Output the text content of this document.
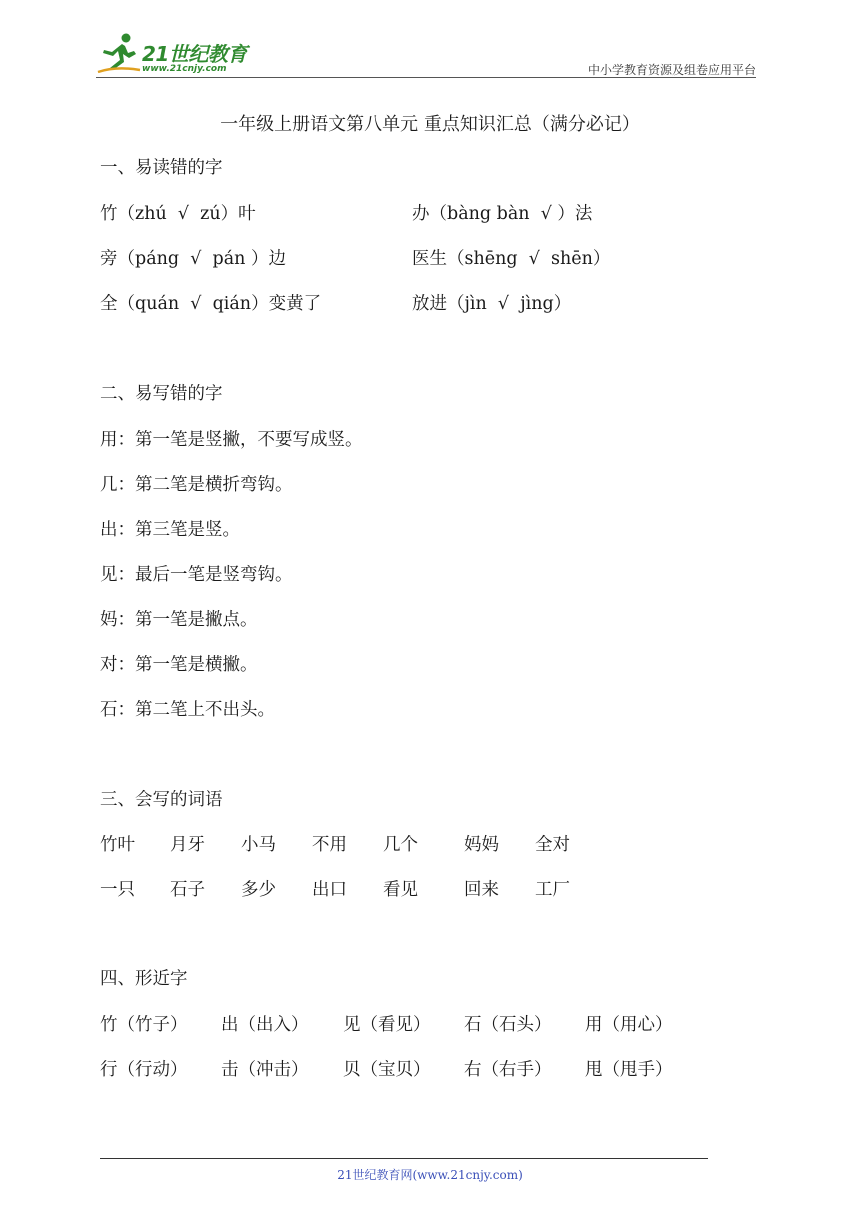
21世纪教育
www.21cnjy.com	中小学教育资源及组卷应用平台
一年级上册语文第八单元 重点知识汇总（满分必记）
一、易读错的字
竹（zhú  √  zú）叶	办（bàng bàn  √ ）法
旁（páng  √  pán ）边	医生（shēng  √  shēn）
全（quán  √  qián）变黄了	放进（jìn  √  jìng）
二、易写错的字
用：第一笔是竖撇，不要写成竖。
几：第二笔是横折弯钩。
出：第三笔是竖。
见：最后一笔是竖弯钩。
妈：第一笔是撇点。
对：第一笔是横撇。
石：第二笔上不出头。
三、会写的词语
竹叶 月牙 小马 不用 几个	妈妈 全对
一只 石子 多少 出口 看见	回来 工厂
四、形近字
竹（竹子） 出（出入） 见（看见） 石（石头） 用（用心）
行（行动） 击（冲击） 贝（宝贝） 右（右手） 甩（甩手）
21世纪教育网(www.21cnjy.com)
